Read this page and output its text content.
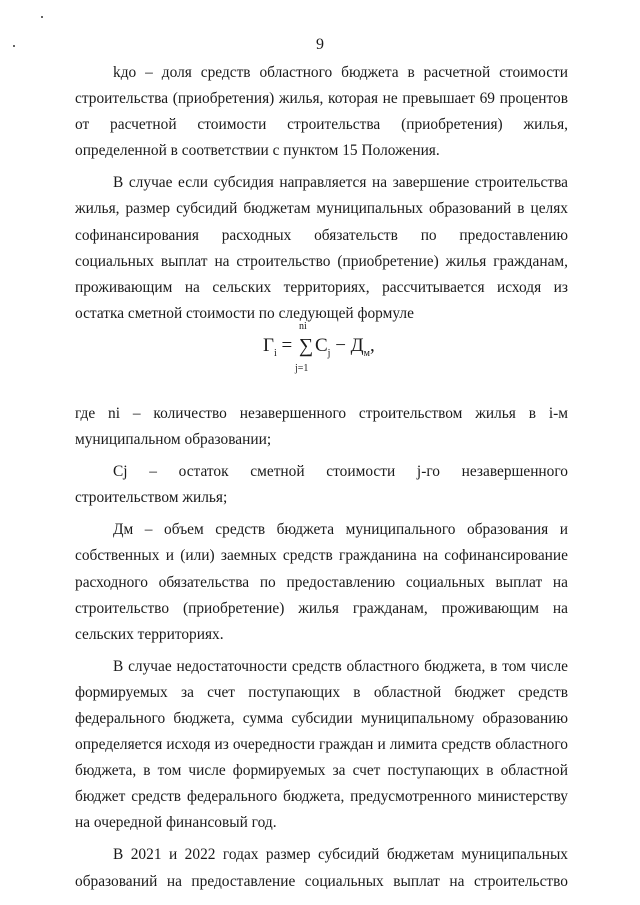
9

kдо – доля средств областного бюджета в расчетной стоимости строительства (приобретения) жилья, которая не превышает 69 процентов от расчетной стоимости строительства (приобретения) жилья, определенной в соответствии с пунктом 15 Положения.

В случае если субсидия направляется на завершение строительства жилья, размер субсидий бюджетам муниципальных образований в целях софинансирования расходных обязательств по предоставлению социальных выплат на строительство (приобретение) жилья гражданам, проживающим на сельских территориях, рассчитывается исходя из остатка сметной стоимости по следующей формуле

$Г_i$ = ∑
ni
j=1
$C_j - Д_м$,

где ni – количество незавершенного строительством жилья в i-м муниципальном образовании;

Cj – остаток сметной стоимости j-го незавершенного строительством жилья;

Дм – объем средств бюджета муниципального образования и собственных и (или) заемных средств гражданина на софинансирование расходного обязательства по предоставлению социальных выплат на строительство (приобретение) жилья гражданам, проживающим на сельских территориях.

В случае недостаточности средств областного бюджета, в том числе формируемых за счет поступающих в областной бюджет средств федерального бюджета, сумма субсидии муниципальному образованию определяется исходя из очередности граждан и лимита средств областного бюджета, в том числе формируемых за счет поступающих в областной бюджет средств федерального бюджета, предусмотренного министерству на очередной финансовый год.

В 2021 и 2022 годах размер субсидий бюджетам муниципальных образований на предоставление социальных выплат на строительство
